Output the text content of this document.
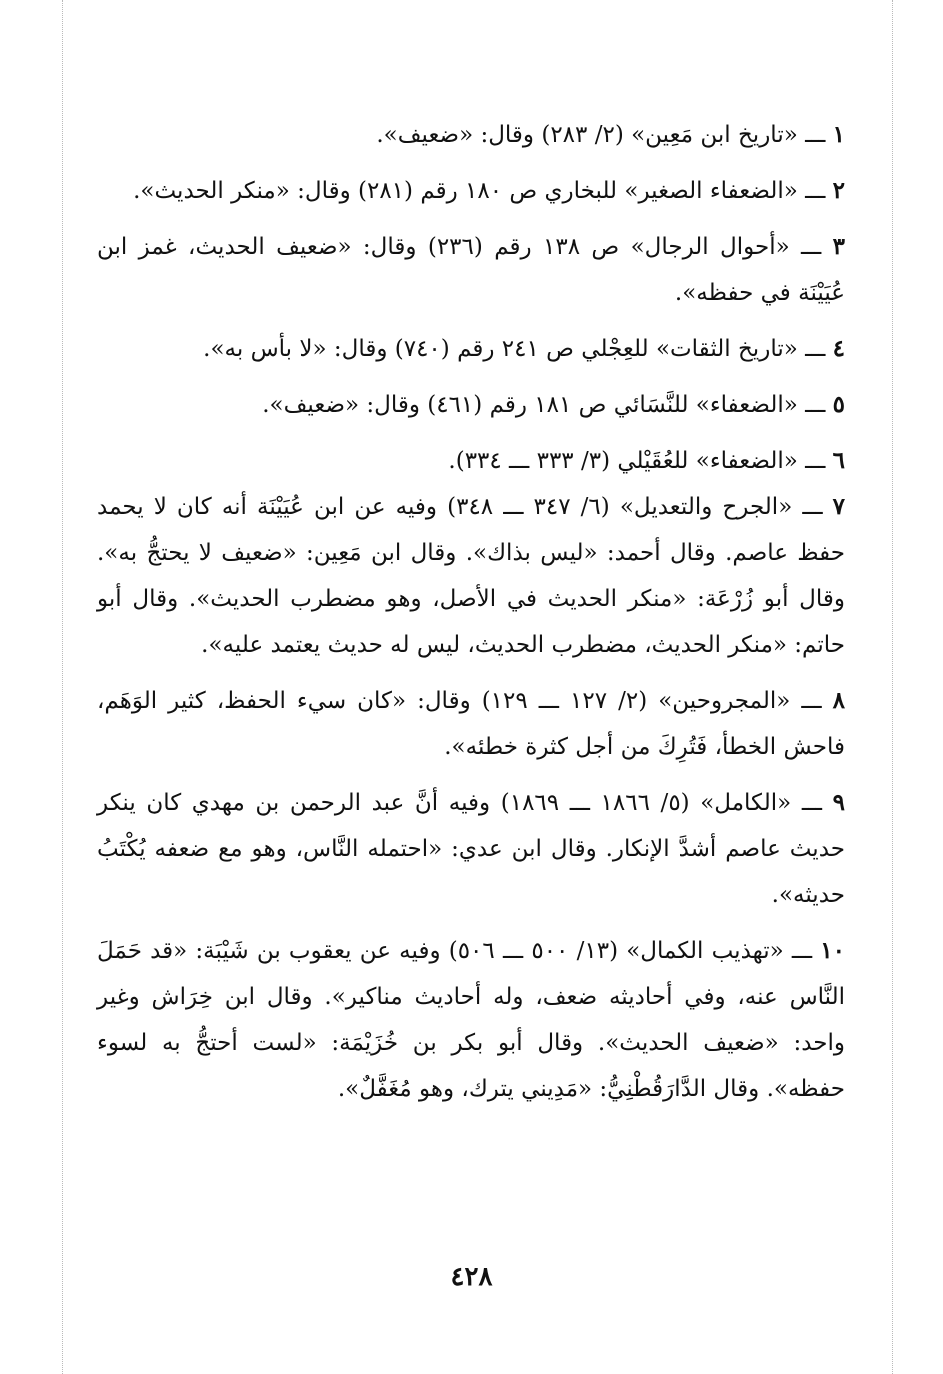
١ ـــ «تاريخ ابن مَعِين» (٢/ ٢٨٣) وقال: «ضعيف».

٢ ـــ «الضعفاء الصغير» للبخاري ص ١٨٠ رقم (٢٨١) وقال: «منكر الحديث».

٣ ـــ «أحوال الرجال» ص ١٣٨ رقم (٢٣٦) وقال: «ضعيف الحديث، غمز ابن عُيَيْنَة في حفظه».

٤ ـــ «تاريخ الثقات» للعِجْلي ص ٢٤١ رقم (٧٤٠) وقال: «لا بأس به».

٥ ـــ «الضعفاء» للنَّسَائي ص ١٨١ رقم (٤٦١) وقال: «ضعيف».

٦ ـــ «الضعفاء» للعُقَيْلي (٣/ ٣٣٣ ـــ ٣٣٤).

٧ ـــ «الجرح والتعديل» (٦/ ٣٤٧ ـــ ٣٤٨) وفيه عن ابن عُيَيْنَة أنه كان لا يحمد حفظ عاصم. وقال أحمد: «ليس بذاك». وقال ابن مَعِين: «ضعيف لا يحتجُّ به». وقال أبو زُرْعَة: «منكر الحديث في الأصل، وهو مضطرب الحديث». وقال أبو حاتم: «منكر الحديث، مضطرب الحديث، ليس له حديث يعتمد عليه».

٨ ـــ «المجروحين» (٢/ ١٢٧ ـــ ١٢٩) وقال: «كان سيء الحفظ، كثير الوَهَم، فاحش الخطأ، فَتُرِكَ من أجل كثرة خطئه».

٩ ـــ «الكامل» (٥/ ١٨٦٦ ـــ ١٨٦٩) وفيه أنَّ عبد الرحمن بن مهدي كان ينكر حديث عاصم أشدَّ الإنكار. وقال ابن عدي: «احتمله النَّاس، وهو مع ضعفه يُكْتَبُ حديثه».

١٠ ـــ «تهذيب الكمال» (١٣/ ٥٠٠ ـــ ٥٠٦) وفيه عن يعقوب بن شَيْبَة: «قد حَمَلَ النَّاس عنه، وفي أحاديثه ضعف، وله أحاديث مناكير». وقال ابن خِرَاش وغير واحد: «ضعيف الحديث». وقال أبو بكر بن خُزَيْمَة: «لست أحتجُّ به لسوء حفظه». وقال الدَّارَقُطْنِيُّ: «مَدِيني يترك، وهو مُغَفَّلٌ».

٤٢٨
